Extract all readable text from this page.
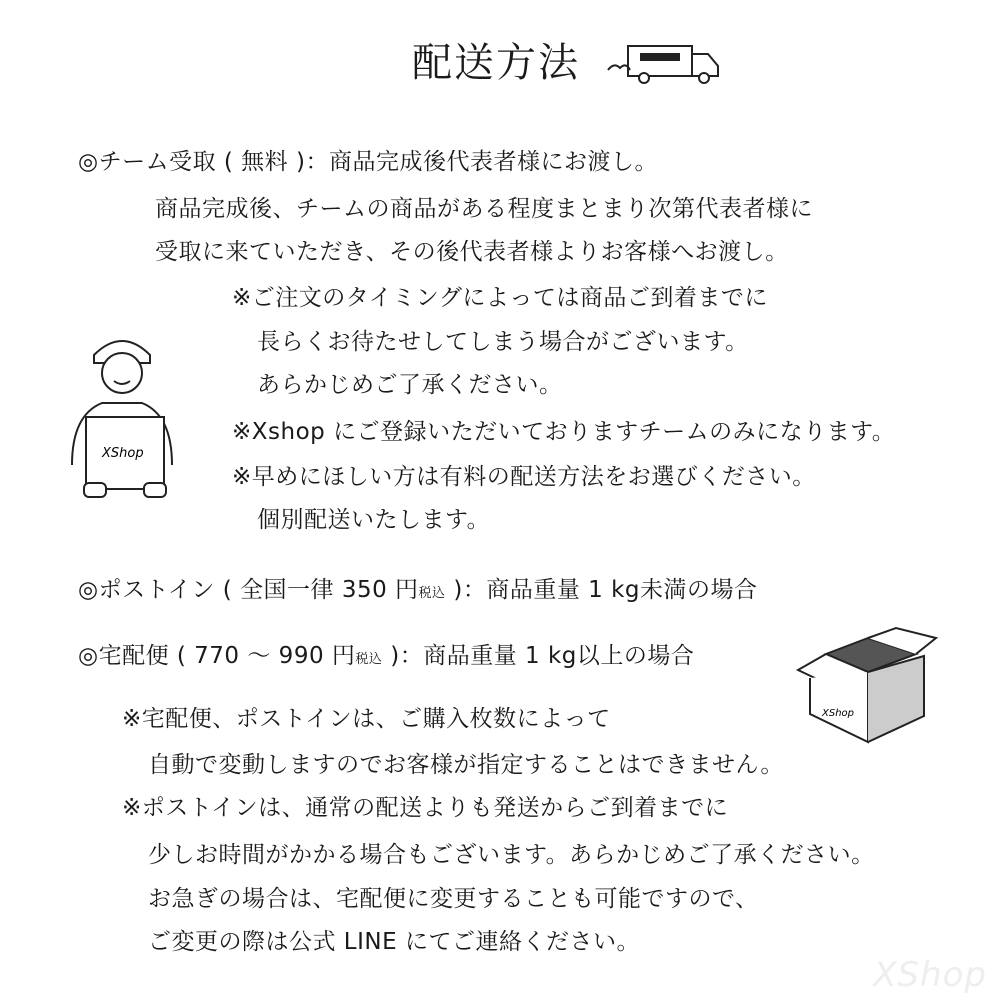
配送方法
◎チーム受取 ( 無料 )：商品完成後代表者様にお渡し。
商品完成後、チームの商品がある程度まとまり次第代表者様に
受取に来ていただき、その後代表者様よりお客様へお渡し。
※ご注文のタイミングによっては商品ご到着までに
長らくお待たせしてしまう場合がございます。
あらかじめご了承ください。
※Xshop にご登録いただいておりますチームのみになります。
※早めにほしい方は有料の配送方法をお選びください。
個別配送いたします。
XShop
◎ポストイン ( 全国一律 350 円税込 )：商品重量 1 kg未満の場合
◎宅配便 ( 770 〜 990 円税込 )：商品重量 1 kg以上の場合
XShop
※宅配便、ポストインは、ご購入枚数によって
自動で変動しますのでお客様が指定することはできません。
※ポストインは、通常の配送よりも発送からご到着までに
少しお時間がかかる場合もございます。あらかじめご了承ください。
お急ぎの場合は、宅配便に変更することも可能ですので、
ご変更の際は公式 LINE にてご連絡ください。
XShop
